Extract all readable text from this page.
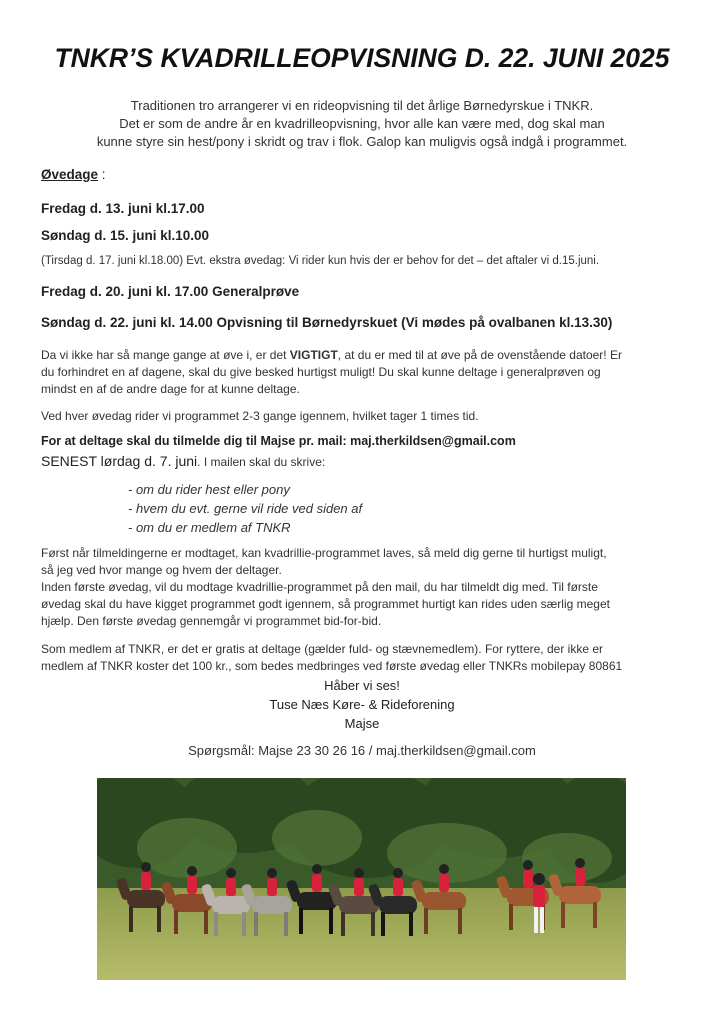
TNKR’S KVADRILLEOPVISNING D. 22. JUNI 2025
Traditionen tro arrangerer vi en rideopvisning til det årlige Børnedyrskue i TNKR.
Det er som de andre år en kvadrilleopvisning, hvor alle kan være med, dog skal man
kunne styre sin hest/pony i skridt og trav i flok. Galop kan muligvis også indgå i programmet.
Øvedage :
Fredag d. 13. juni kl.17.00
Søndag d. 15. juni kl.10.00
(Tirsdag d. 17. juni kl.18.00) Evt. ekstra øvedag: Vi rider kun hvis der er behov for det – det aftaler vi d.15.juni.
Fredag d. 20. juni kl. 17.00 Generalprøve
Søndag d. 22. juni kl. 14.00 Opvisning til Børnedyrskuet (Vi mødes på ovalbanen kl.13.30)
Da vi ikke har så mange gange at øve i, er det VIGTIGT, at du er med til at øve på de ovenstående datoer! Er
du forhindret en af dagene, skal du give besked hurtigst muligt! Du skal kunne deltage i generalprøven og
mindst en af de andre dage for at kunne deltage.
Ved hver øvedag rider vi programmet 2-3 gange igennem, hvilket tager 1 times tid.
For at deltage skal du tilmelde dig til Majse pr. mail: maj.therkildsen@gmail.com
SENEST lørdag d. 7. juni. I mailen skal du skrive:
- om du rider hest eller pony
- hvem du evt. gerne vil ride ved siden af
- om du er medlem af TNKR
Først når tilmeldingerne er modtaget, kan kvadrillie-programmet laves, så meld dig gerne til hurtigst muligt,
så jeg ved hvor mange og hvem der deltager.
Inden første øvedag, vil du modtage kvadrillie-programmet på den mail, du har tilmeldt dig med. Til første
øvedag skal du have kigget programmet godt igennem, så programmet hurtigt kan rides uden særlig meget
hjælp. Den første øvedag gennemgår vi programmet bid-for-bid.
Som medlem af TNKR, er det er gratis at deltage (gælder fuld- og stævnemedlem). For ryttere, der ikke er
medlem af TNKR koster det 100 kr., som bedes medbringes ved første øvedag eller TNKRs mobilepay 80861
Håber vi ses!
Tuse Næs Køre- & Rideforening
Majse
Spørgsmål: Majse 23 30 26 16 / maj.therkildsen@gmail.com
